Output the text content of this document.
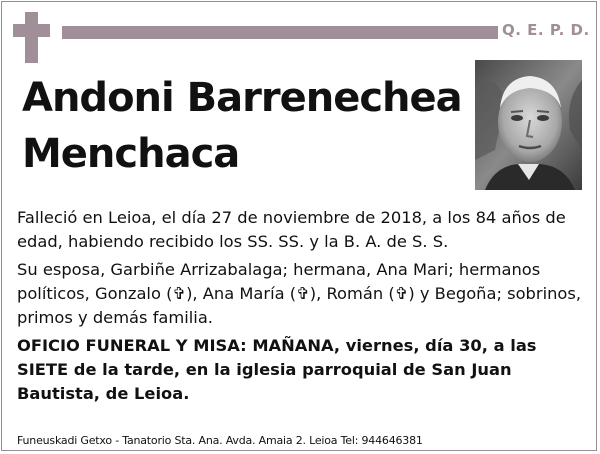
Q. E. P. D.
Andoni Barrenechea
Menchaca

Falleció en Leioa, el día 27 de noviembre de 2018, a los 84 años de edad, habiendo recibido los SS. SS. y la B. A. de S. S.

Su esposa, Garbiñe Arrizabalaga; hermana, Ana Mari; hermanos políticos, Gonzalo (✞), Ana María (✞), Román (✞) y Begoña; sobrinos, primos y demás familia.

OFICIO FUNERAL Y MISA: MAÑANA, viernes, día 30, a las SIETE de la tarde, en la iglesia parroquial de San Juan Bautista, de Leioa.

Funeuskadi Getxo - Tanatorio Sta. Ana. Avda. Amaia 2. Leioa Tel: 944646381
